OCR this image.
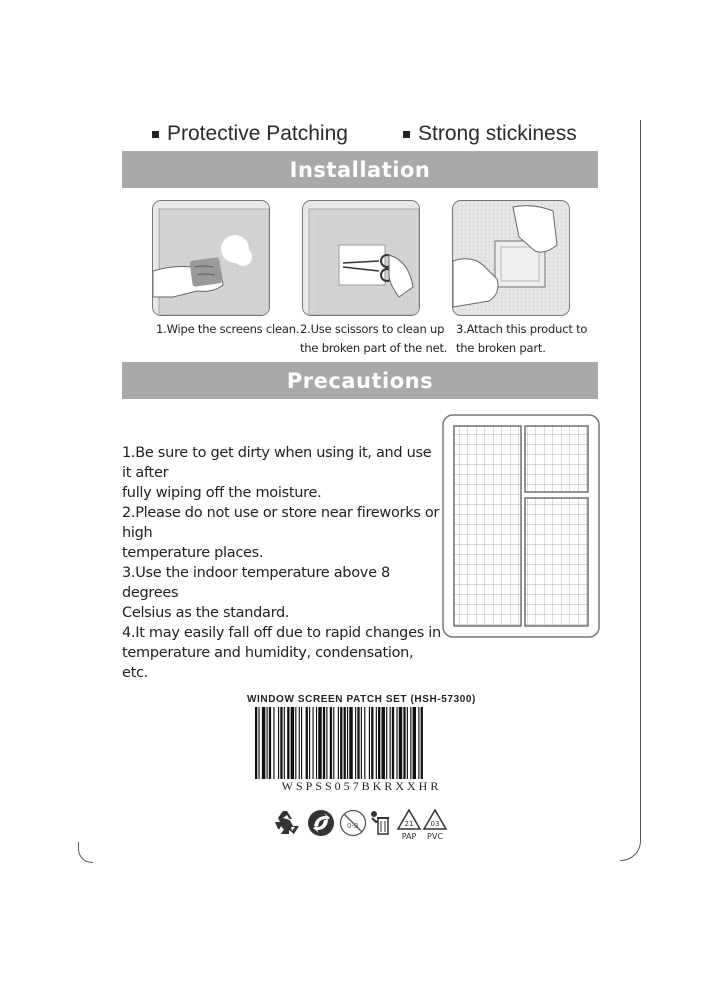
Protective Patching	Strong stickiness
Installation
1.Wipe the screens clean. 2.Use scissors to clean up
the broken part of the net.
3.Attach this product to
the broken part.
Precautions

1.Be sure to get dirty when using it, and use it after

fully wiping off the moisture.

2.Please do not use or store near fireworks or high

temperature places.

3.Use the indoor temperature above 8 degrees

Celsius as the standard.

4.It may easily fall off due to rapid changes in

temperature and humidity, condensation, etc.

WINDOW SCREEN PATCH SET (HSH-57300)
WSPSS057BKRXXHR
0-3	21
PAP
03
PVC
